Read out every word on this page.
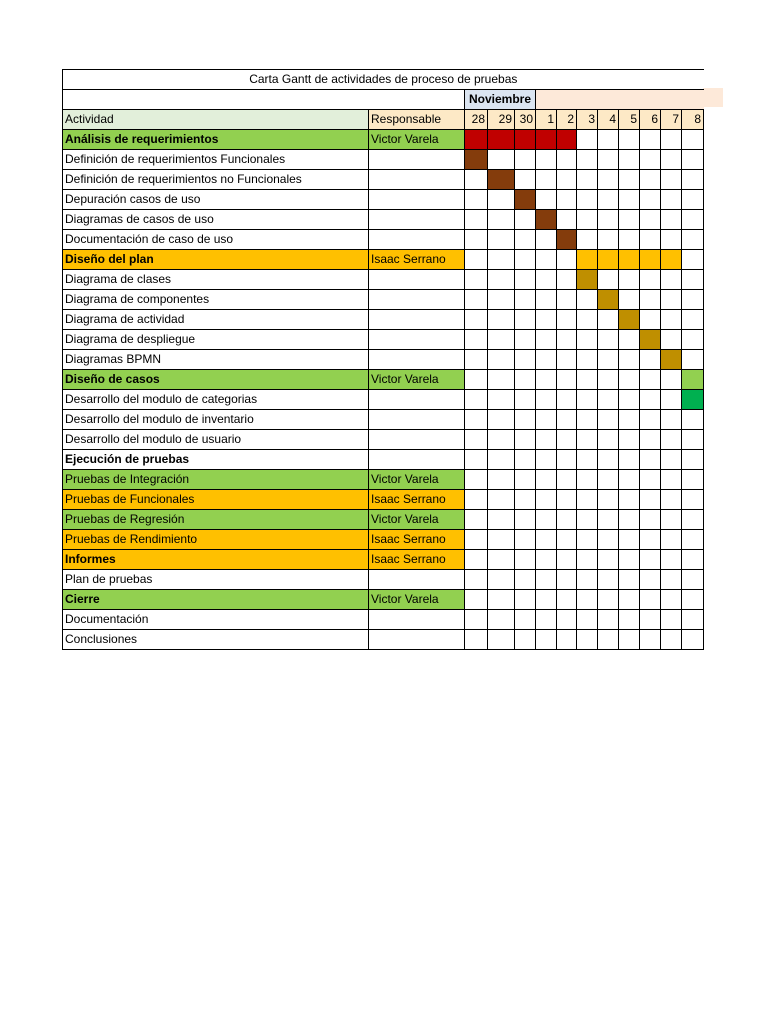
Carta Gantt de actividades de proceso de pruebas												
		Noviembre										
Actividad	Responsable	28	29	30	1	2	3	4	5	6	7	8
Análisis de requerimientos	Victor Varela											
Definición de requerimientos Funcionales												
Definición de requerimientos no Funcionales												
Depuración casos de uso												
Diagramas de casos de uso												
Documentación de caso de uso												
Diseño del plan	Isaac Serrano											
Diagrama de clases												
Diagrama de componentes												
Diagrama de actividad												
Diagrama de despliegue												
Diagramas BPMN												
Diseño de casos	Victor Varela											
Desarrollo del modulo de categorias												
Desarrollo del modulo de inventario												
Desarrollo del modulo de usuario												
Ejecución de pruebas												
Pruebas de Integración	Victor Varela											
Pruebas de Funcionales	Isaac Serrano											
Pruebas de Regresión	Victor Varela											
Pruebas de Rendimiento	Isaac Serrano											
Informes	Isaac Serrano											
Plan de pruebas												
Cierre	Victor Varela											
Documentación												
Conclusiones												
